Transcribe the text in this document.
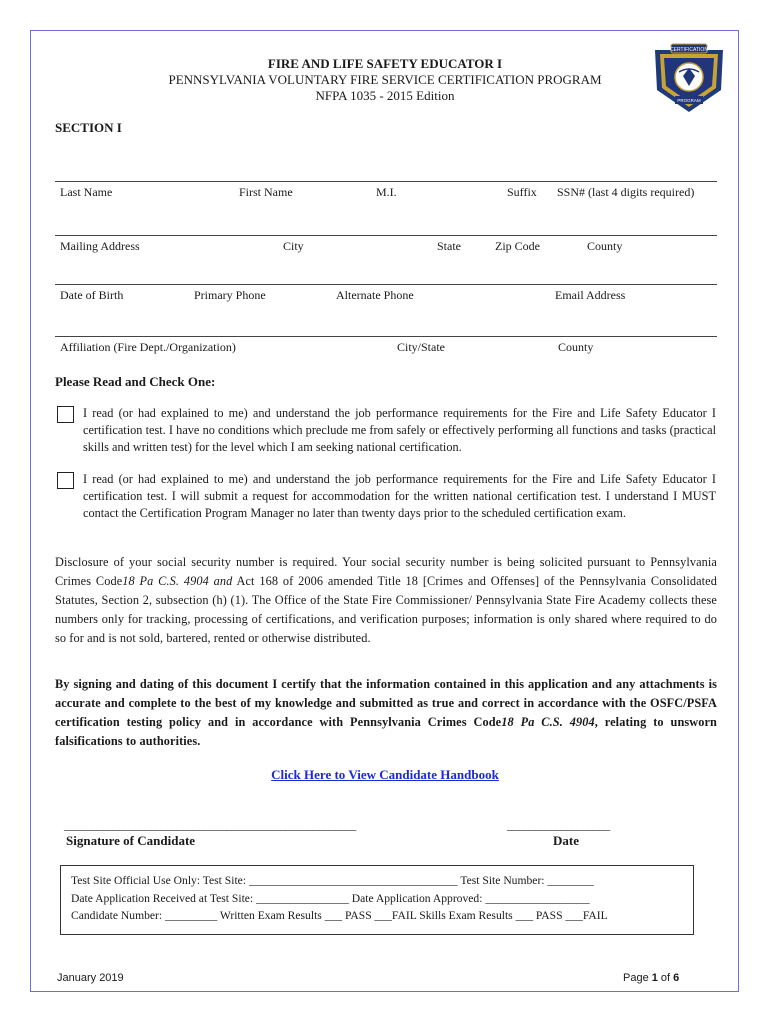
FIRE AND LIFE SAFETY EDUCATOR I
PENNSYLVANIA VOLUNTARY FIRE SERVICE CERTIFICATION PROGRAM
NFPA 1035 - 2015 Edition
CERTIFICATION
PROGRAM
SECTION I
Last Name	First Name	M.I.	Suffix SSN# (last 4 digits required)
Mailing Address	City	State	Zip Code	County
Date of Birth	Primary Phone	Alternate Phone	Email Address
Affiliation (Fire Dept./Organization)	City/State	County
Please Read and Check One:
I read (or had explained to me) and understand the job performance requirements for the Fire and Life Safety Educator I certification test. I have no conditions which preclude me from safely or effectively performing all functions and tasks (practical skills and written test) for the level which I am seeking national certification.
I read (or had explained to me) and understand the job performance requirements for the Fire and Life Safety Educator I certification test. I will submit a request for accommodation for the written national certification test. I understand I MUST contact the Certification Program Manager no later than twenty days prior to the scheduled certification exam.
Disclosure of your social security number is required. Your social security number is being solicited pursuant to Pennsylvania Crimes Code18 Pa C.S. 4904 and Act 168 of 2006 amended Title 18 [Crimes and Offenses] of the Pennsylvania Consolidated Statutes, Section 2, subsection (h) (1). The Office of the State Fire Commissioner/ Pennsylvania State Fire Academy collects these numbers only for tracking, processing of certifications, and verification purposes; information is only shared where required to do so for and is not sold, bartered, rented or otherwise distributed.
By signing and dating of this document I certify that the information contained in this application and any attachments is accurate and complete to the best of my knowledge and submitted as true and correct in accordance with the OSFC/PSFA certification testing policy and in accordance with Pennsylvania Crimes Code18 Pa C.S. 4904, relating to unsworn falsifications to authorities.
Click Here to View Candidate Handbook
______________________________________________________	___________________
Signature of Candidate	Date
Test Site Official Use Only: Test Site: ____________________________________ Test Site Number: ________
Date Application Received at Test Site: ________________ Date Application Approved: __________________
Candidate Number: _________ Written Exam Results ___ PASS ___FAIL Skills Exam Results ___ PASS ___FAIL
January 2019	Page 1 of 6
